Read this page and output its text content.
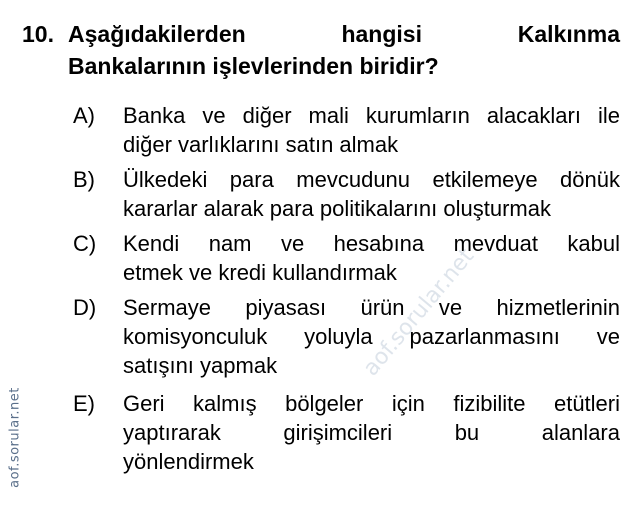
10. Aşağıdakilerden hangisi Kalkınma
Bankalarının işlevlerinden biridir?
A) Banka ve diğer mali kurumların alacakları ile
diğer varlıklarını satın almak
B) Ülkedeki para mevcudunu etkilemeye dönük
kararlar alarak para politikalarını oluşturmak
C) Kendi nam ve hesabına mevduat kabul
etmek ve kredi kullandırmak
D) Sermaye piyasası ürün ve hizmetlerinin
komisyonculuk yoluyla pazarlanmasını ve
satışını yapmak
E) Geri kalmış bölgeler için fizibilite etütleri
yaptırarak girişimcileri bu alanlara
yönlendirmek
aof.sorular.net
aof.sorular.net
